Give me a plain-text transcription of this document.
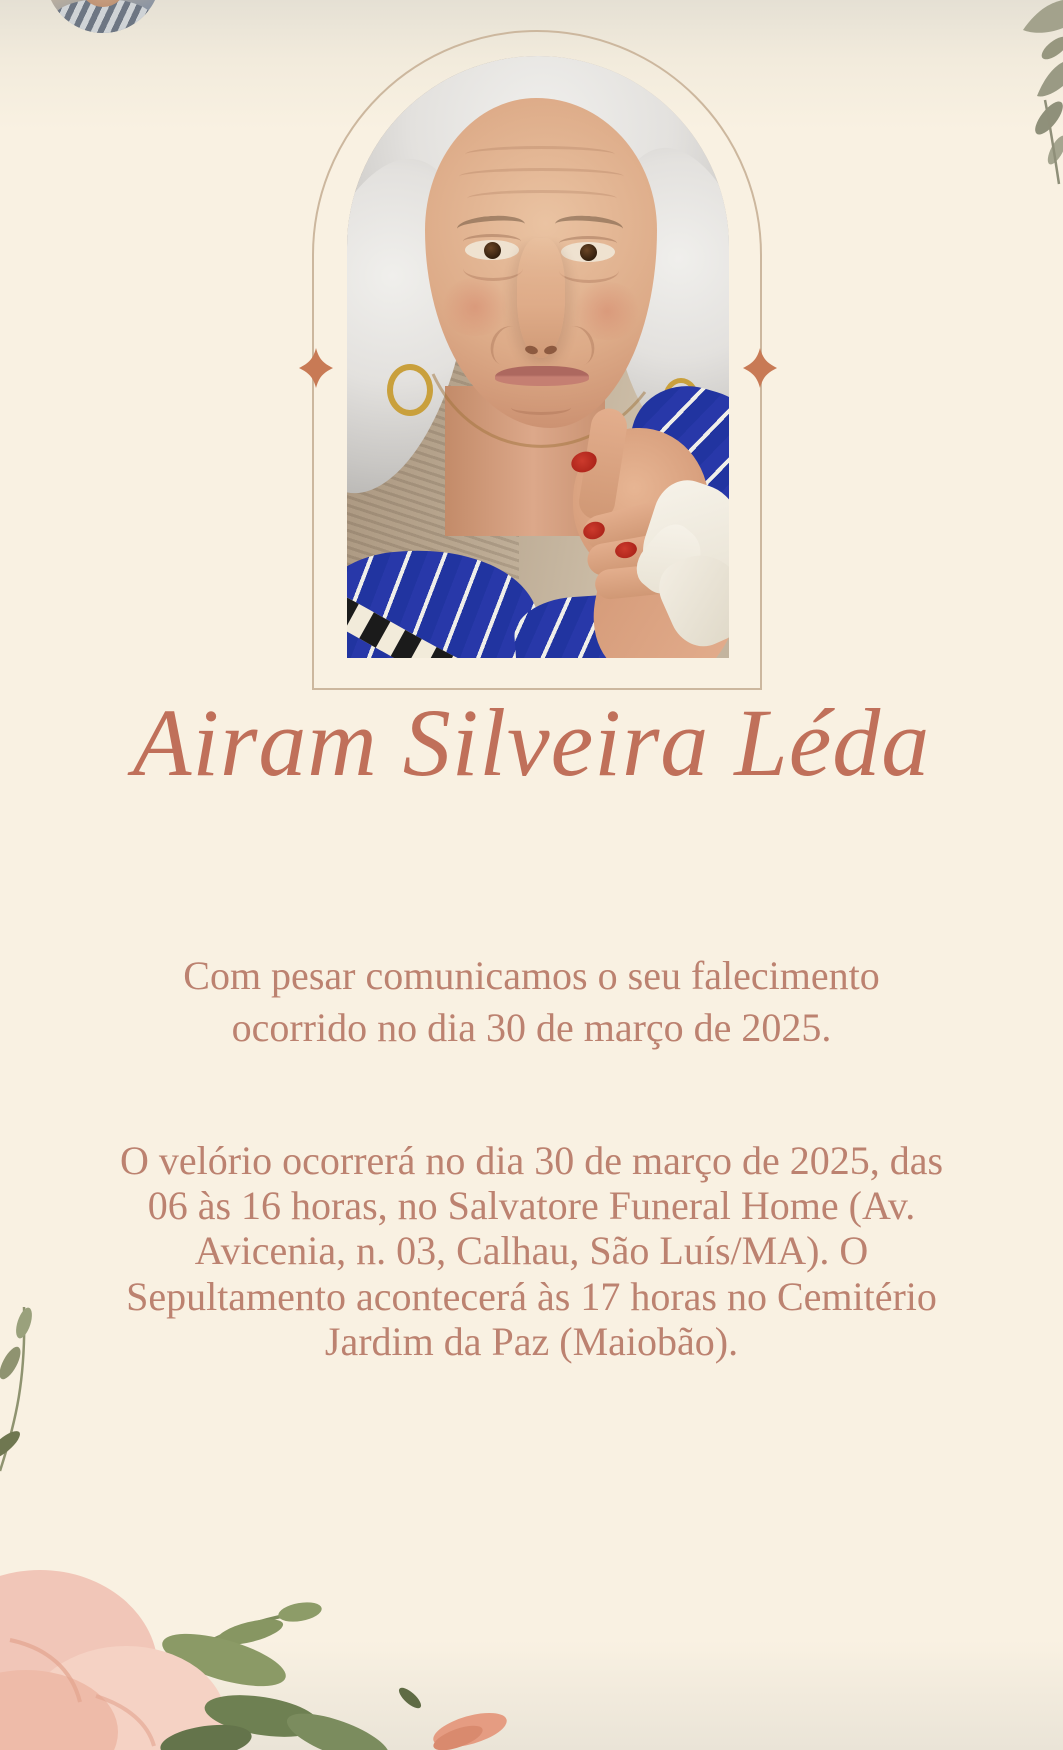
Airam Silveira Léda

Com pesar comunicamos o seu falecimento ocorrido no dia 30 de março de 2025.

O velório ocorrerá no dia 30 de março de 2025, das 06 às 16 horas, no Salvatore Funeral Home (Av. Avicenia, n. 03, Calhau, São Luís/MA). O Sepultamento acontecerá às 17 horas no Cemitério Jardim da Paz (Maiobão).
